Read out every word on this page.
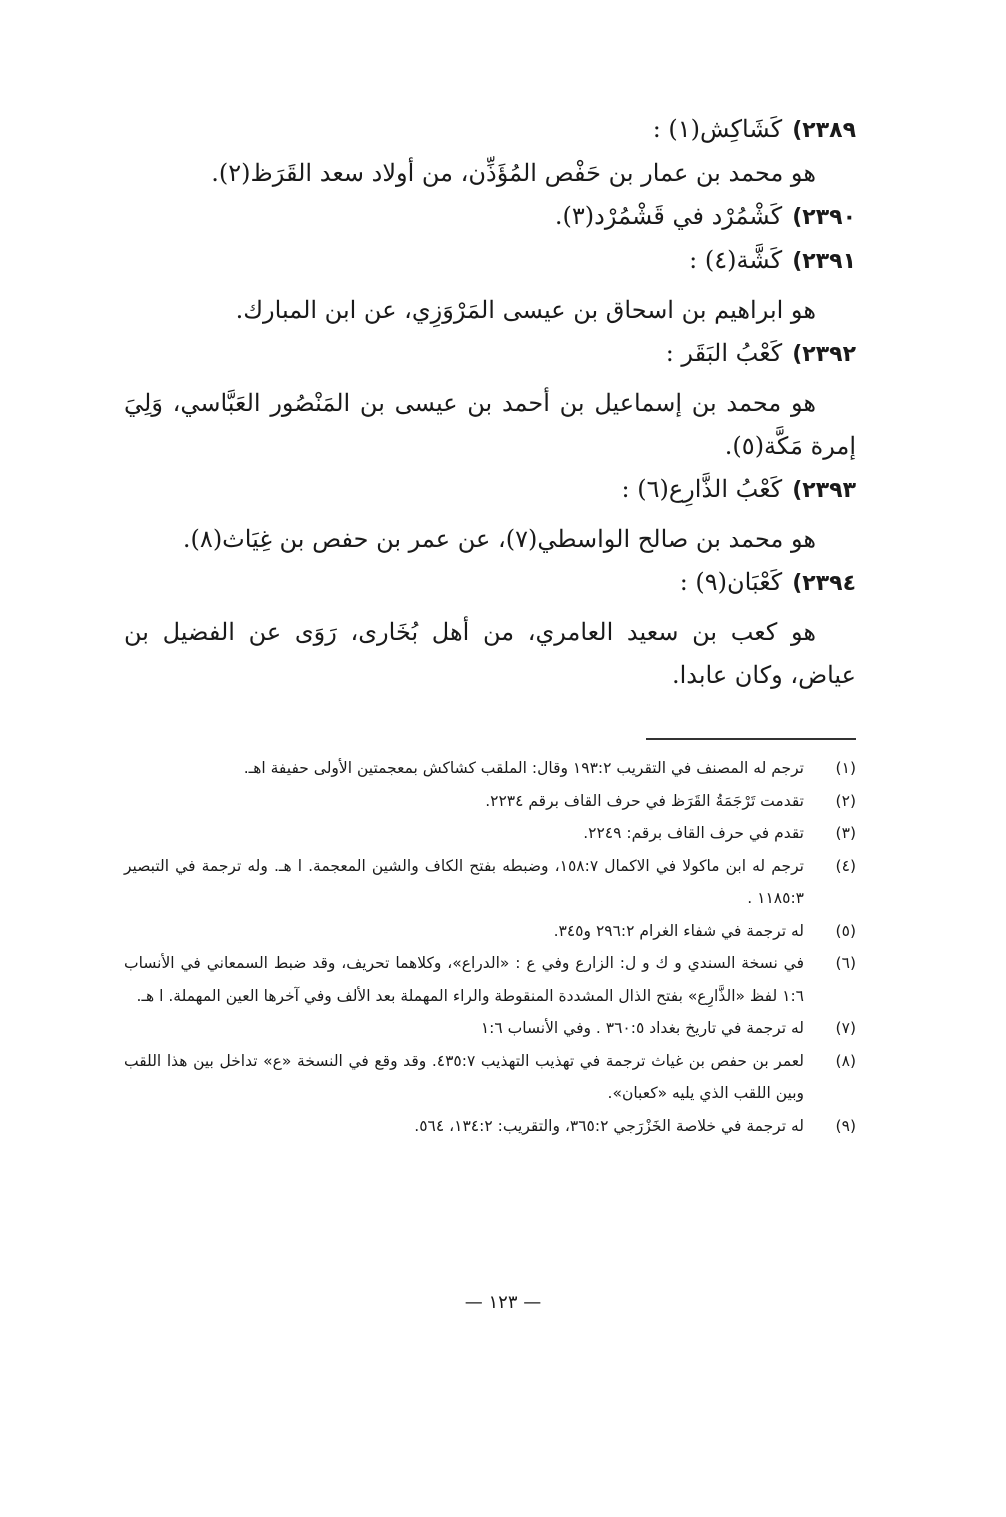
٢٣٨٩)كَشَاكِش(١) :

هو محمد بن عمار بن حَفْص المُؤَذِّن، من أولاد سعد القَرَظ(٢).

٢٣٩٠)كَشْمُرْد في قَشْمُرْد(٣).

٢٣٩١)كَشَّة(٤) :

هو ابراهيم بن اسحاق بن عيسى المَرْوَزِي، عن ابن المبارك.

٢٣٩٢)كَعْبُ البَقَر :

هو محمد بن إسماعيل بن أحمد بن عيسى بن المَنْصُور العَبَّاسي، وَلِيَ إمرة مَكَّة(٥).

٢٣٩٣)كَعْبُ الذَّارِع(٦) :

هو محمد بن صالح الواسطي(٧)، عن عمر بن حفص بن غِيَاث(٨).

٢٣٩٤)كَعْبَان(٩) :

هو كعب بن سعيد العامري، من أهل بُخَارى، رَوَى عن الفضيل بن عياض، وكان عابدا.

(١)
ترجم له المصنف في التقريب ١٩٣:٢ وقال: الملقب كشاكش بمعجمتين الأولى حفيفة اهـ.
(٢)
تقدمت تَرْجَمَةُ القَرَظ في حرف القاف برقم ٢٢٣٤.
(٣)
تقدم في حرف القاف برقم: ٢٢٤٩.
(٤)
ترجم له ابن ماكولا في الاكمال ١٥٨:٧، وضبطه بفتح الكاف والشين المعجمة. ا هـ. وله ترجمة في التبصير ١١٨٥:٣ .
(٥)
له ترجمة في شفاء الغرام ٢٩٦:٢ و٣٤٥.
(٦)
في نسخة السندي و ك و ل: الزارع وفي ع : «الدراع»، وكلاهما تحريف، وقد ضبط السمعاني في الأنساب ١:٦ لفظ «الذَّارِع» بفتح الذال المشددة المنقوطة والراء المهملة بعد الألف وفي آخرها العين المهملة. ا هـ.
(٧)
له ترجمة في تاريخ بغداد ٣٦٠:٥ . وفي الأنساب ١:٦
(٨)
لعمر بن حفص بن غياث ترجمة في تهذيب التهذيب ٤٣٥:٧. وقد وقع في النسخة «ع» تداخل بين هذا اللقب وبين اللقب الذي يليه «كعبان».
(٩)
له ترجمة في خلاصة الخَزْرَجي ٣٦٥:٢، والتقريب: ١٣٤:٢، ٥٦٤.
— ١٢٣ —
